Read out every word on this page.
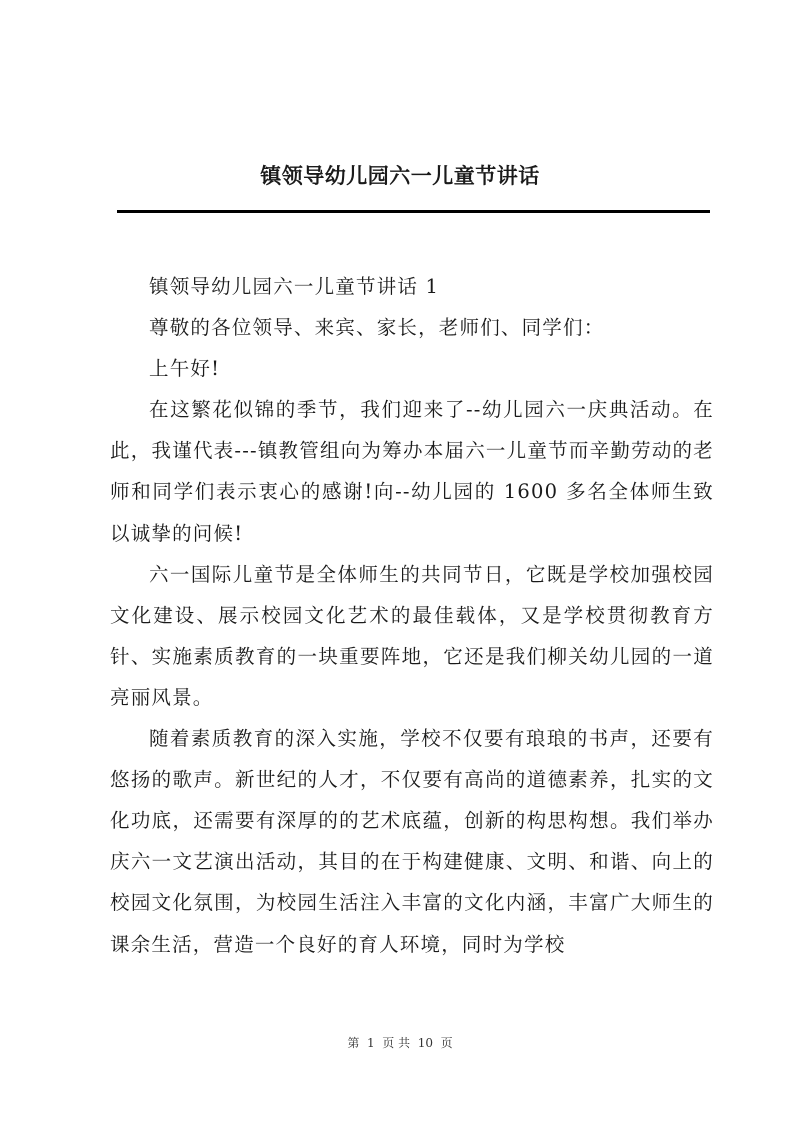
镇领导幼儿园六一儿童节讲话

镇领导幼儿园六一儿童节讲话 1

尊敬的各位领导、来宾、家长，老师们、同学们：

上午好!

在这繁花似锦的季节，我们迎来了--幼儿园六一庆典活动。在此，我谨代表---镇教管组向为筹办本届六一儿童节而辛勤劳动的老师和同学们表示衷心的感谢!向--幼儿园的 1600 多名全体师生致以诚挚的问候!

六一国际儿童节是全体师生的共同节日，它既是学校加强校园文化建设、展示校园文化艺术的最佳载体，又是学校贯彻教育方针、实施素质教育的一块重要阵地，它还是我们柳关幼儿园的一道亮丽风景。

随着素质教育的深入实施，学校不仅要有琅琅的书声，还要有悠扬的歌声。新世纪的人才，不仅要有高尚的道德素养，扎实的文化功底，还需要有深厚的的艺术底蕴，创新的构思构想。我们举办庆六一文艺演出活动，其目的在于构建健康、文明、和谐、向上的校园文化氛围，为校园生活注入丰富的文化内涵，丰富广大师生的课余生活，营造一个良好的育人环境，同时为学校

第  1  页 共  10  页
